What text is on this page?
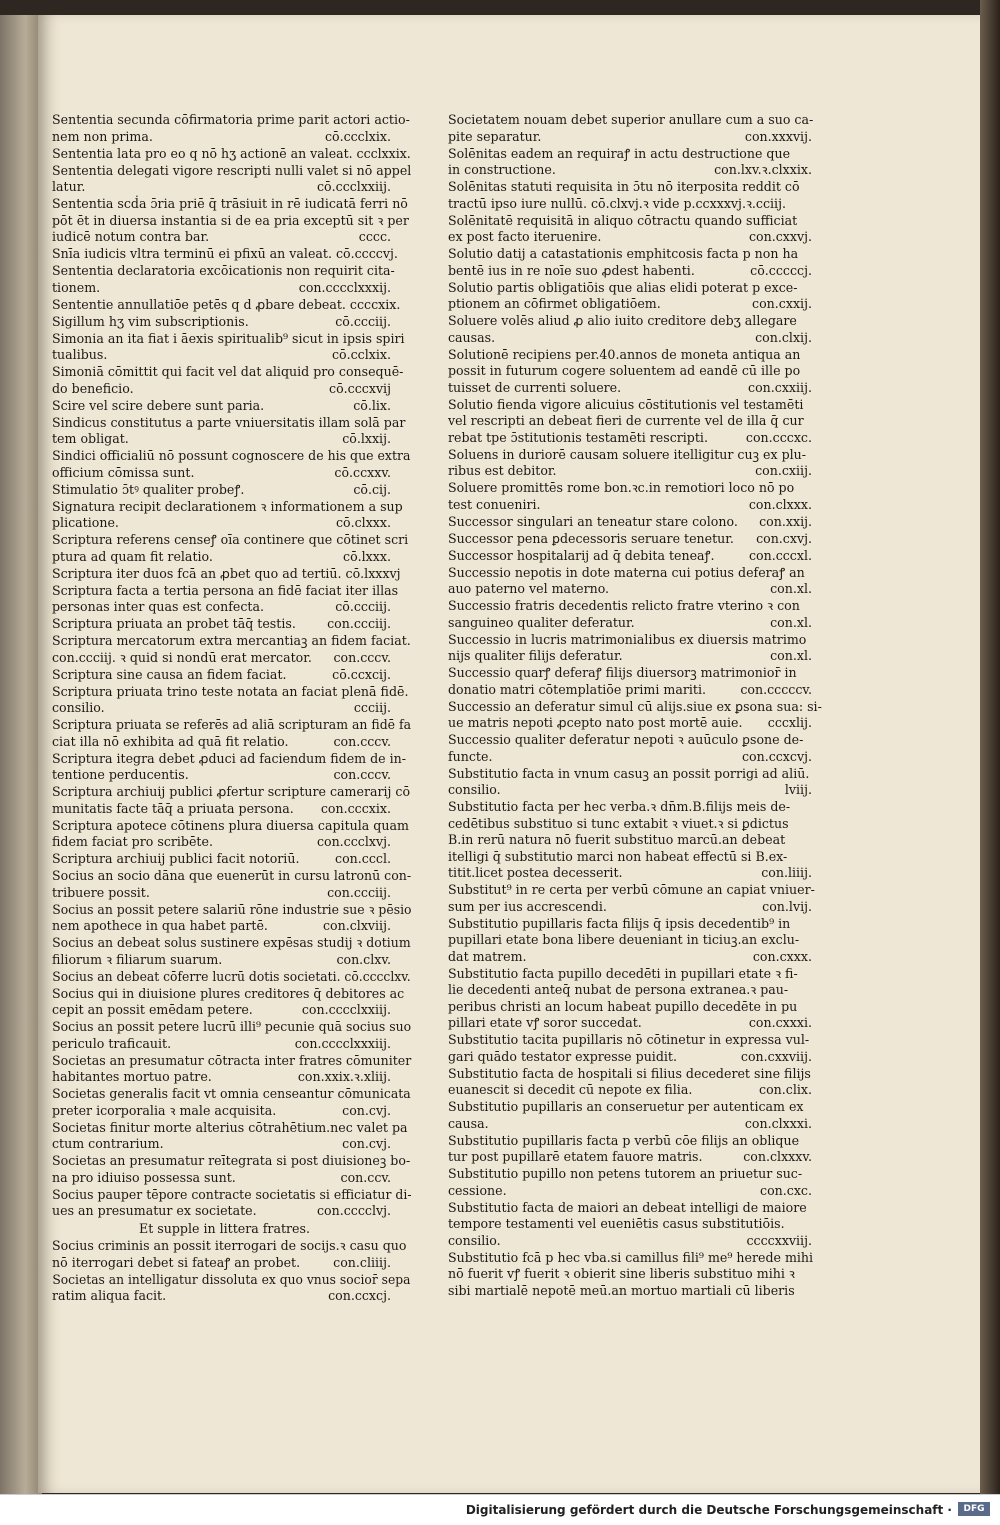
Sententia secunda cōfirmatoria prime parit actori actio-
nem non prima.	cō.ccclxix.
Sententia lata pro eo q nō hʒ actionē an valeat. ccclxxix.
Sententia delegati vigore rescripti nulli valet si nō appel
latur.	cō.ccclxxiij.
Sententia scḋa ɔ̄ria priē q̄ trāsiuit in rē iudicatā ferri nō
pōt ēt in diuersa instantia si de ea pria exceptū sit ꝛ per
iudicē notum contra bar.	cccc.
Snīa iudicis vltra terminū ei pfixū an valeat. cō.ccccvj.
Sententia declaratoria excōicationis non requirit cita-
tionem.	con.cccclxxxij.
Sententie annullatiōe petēs q d ꝓbare debeat. ccccxix.
Sigillum hʒ vim subscriptionis.	cō.ccciij.
Simonia an ita fiat i āexis spiritualib⁹ sicut in ipsis spiri
tualibus.	cō.cclxix.
Simoniā cōmittit qui facit vel dat aliquid pro consequē-
do beneficio.	cō.cccxvij
Scire vel scire debere sunt paria.	cō.lix.
Sindicus constitutus a parte vniuersitatis illam solā par
tem obligat.	cō.lxxij.
Sindici officialiū nō possunt cognoscere de his que extra
officium cōmissa sunt.	cō.ccxxv.
Stimulatio ɔ̄tꝰ qualiter probeꝭ.	cō.cij.
Signatura recipit declarationem ꝛ informationem a sup
plicatione.	cō.clxxx.
Scriptura referens censeꝭ oīa continere que cōtinet scri
ptura ad quam fit relatio.	cō.lxxx.
Scriptura iter duos fcā an ꝓbet quo ad tertiū. cō.lxxxvj
Scriptura facta a tertia persona an fidē faciat iter illas
personas inter quas est confecta.	cō.ccciij.
Scriptura priuata an probet tāq̄ testis. con.ccciij.
Scriptura mercatorum extra mercantiaꝫ an fidem faciat.
con.ccciij. ꝛ quid si nondū erat mercator. con.cccv.
Scriptura sine causa an fidem faciat.	cō.ccxcij.
Scriptura priuata trino teste notata an faciat plenā fidē.
consilio.	ccciij.
Scriptura priuata se referēs ad aliā scripturam an fidē fa
ciat illa nō exhibita ad quā fit relatio.	con.cccv.
Scriptura itegra debet ꝓduci ad faciendum fidem de in-
tentione perducentis.	con.cccv.
Scriptura archiuij publici ꝓfertur scripture camerarij cō
munitatis facte tāq̄ a priuata persona. con.cccxix.
Scriptura apotece cōtinens plura diuersa capitula quam
fidem faciat pro scribēte.	con.ccclxvj.
Scriptura archiuij publici facit notoriū.	con.cccl.
Socius an socio dāna que euenerūt in cursu latronū con-
tribuere possit.	con.ccciij.
Socius an possit petere salariū rōne industrie sue ꝛ pēsio
nem apothece in qua habet partē.	con.clxviij.
Socius an debeat solus sustinere expēsas studij ꝛ dotium
filiorum ꝛ filiarum suarum.	con.clxv.
Socius an debeat cōferre lucrū dotis societati. cō.cccclxv.
Socius qui in diuisione plures creditores q̄ debitores ac
cepit an possit emēdam petere.	con.cccclxxiij.
Socius an possit petere lucrū illi⁹ pecunie quā socius suo
periculo traficauit.	con.cccclxxxiij.
Societas an presumatur cōtracta inter fratres cōmuniter
habitantes mortuo patre.	con.xxix.ꝛ.xliij.
Societas generalis facit vt omnia censeantur cōmunicata
preter icorporalia ꝛ male acquisita.	con.cvj.
Societas finitur morte alterius cōtrahētium.nec valet pa
ctum contrarium.	con.cvj.
Societas an presumatur reītegrata si post diuisioneꝫ bo-
na pro idiuiso possessa sunt.	con.ccv.
Socius pauper tēpore contracte societatis si efficiatur di-
ues an presumatur ex societate.	con.cccclvj.
Et supple in littera fratres.
Socius criminis an possit iterrogari de socijs.ꝛ casu quo
nō iterrogari debet si fateaꝭ an probet.	con.cliiij.
Societas an intelligatur dissoluta ex quo vnus socior̄ sepa
ratim aliqua facit.	con.ccxcj.
Societatem nouam debet superior anullare cum a suo ca-
pite separatur.	con.xxxvij.
Solēnitas eadem an requiraꝭ in actu destructione que
in constructione.	con.lxv.ꝛ.clxxix.
Solēnitas statuti requisita in ɔ̄tu nō iterposita reddit cō
tractū ipso iure nullū. cō.clxvj.ꝛ vide p.ccxxxvj.ꝛ.cciij.
Solēnitatē requisitā in aliquo cōtractu quando sufficiat
ex post facto iteruenire.	con.cxxvj.
Solutio datij a catastationis emphitcosis facta p non ha
bentē ius in re noīe suo ꝓdest habenti.	cō.cccccj.
Solutio partis obligatiōis que alias elidi poterat p exce-
ptionem an cōfirmet obligatiōem.	con.cxxij.
Soluere volēs aliud ꝓ alio iuito creditore debʒ allegare
causas.	con.clxij.
Solutionē recipiens per.40.annos de moneta antiqua an
possit in futurum cogere soluentem ad eandē cū ille po
tuisset de currenti soluere.	con.cxxiij.
Solutio fienda vigore alicuius cōstitutionis vel testamēti
vel rescripti an debeat fieri de currente vel de illa q̄ cur
rebat tpe ɔ̄stitutionis testamēti rescripti.	con.cccxc.
Soluens in duriorē causam soluere itelligitur cuꝫ ex plu-
ribus est debitor.	con.cxiij.
Soluere promittēs rome bon.ꝛc.in remotiori loco nō po
test conueniri.	con.clxxx.
Successor singulari an teneatur stare colono. con.xxij.
Successor pena ꝑdecessoris seruare tenetur. con.cxvj.
Successor hospitalarij ad q̄ debita teneaꝭ.	con.cccxl.
Successio nepotis in dote materna cui potius deferaꝭ an
auo paterno vel materno.	con.xl.
Successio fratris decedentis relicto fratre vterino ꝛ con
sanguineo qualiter deferatur.	con.xl.
Successio in lucris matrimonialibus ex diuersis matrimo
nijs qualiter filijs deferatur.	con.xl.
Successio quarꝭ deferaꝭ filijs diuersorꝫ matrimonior̄ in
donatio matri cōtemplatiōe primi mariti.	con.cccccv.
Successio an deferatur simul cū alijs.siue ex ꝑsona sua: si-
ue matris nepoti ꝓcepto nato post mortē auie. cccxlij.
Successio qualiter deferatur nepoti ꝛ auūculo ꝑsone de-
functe.	con.ccxcvj.
Substitutio facta in vnum casuꝫ an possit porrigi ad aliū.
consilio.	lviij.
Substitutio facta per hec verba.ꝛ dn̄m.B.filijs meis de-
cedētibus substituo si tunc extabit ꝛ viuet.ꝛ si ꝑdictus
B.in rerū natura nō fuerit substituo marcū.an debeat
itelligi q̄ substitutio marci non habeat effectū si B.ex-
titit.licet postea decesserit.	con.liiij.
Substitut⁹ in re certa per verbū cōmune an capiat vniuer-
sum per ius accrescendi.	con.lvij.
Substitutio pupillaris facta filijs q̄ ipsis decedentib⁹ in
pupillari etate bona libere deueniant in ticiuꝫ.an exclu-
dat matrem.	con.cxxx.
Substitutio facta pupillo decedēti in pupillari etate ꝛ fi-
lie decedenti anteq̄ nubat de persona extranea.ꝛ pau-
peribus christi an locum habeat pupillo decedēte in pu
pillari etate vꝭ soror succedat.	con.cxxxi.
Substitutio tacita pupillaris nō cōtinetur in expressa vul-
gari quādo testator expresse puidit.	con.cxxviij.
Substitutio facta de hospitali si filius decederet sine filijs
euanescit si decedit cū nepote ex filia.	con.clix.
Substitutio pupillaris an conseruetur per autenticam ex
causa.	con.clxxxi.
Substitutio pupillaris facta p verbū cōe filijs an oblique
tur post pupillarē etatem fauore matris.	con.clxxxv.
Substitutio pupillo non petens tutorem an priuetur suc-
cessione.	con.cxc.
Substitutio facta de maiori an debeat intelligi de maiore
tempore testamenti vel eueniētis casus substitutiōis.
consilio.	ccccxxviij.
Substitutio fcā p hec vba.si camillus fili⁹ me⁹ herede mihi
nō fuerit vꝭ fuerit ꝛ obierit sine liberis substituo mihi ꝛ
sibi martialē nepotē meū.an mortuo martiali cū liberis
Digitalisierung gefördert durch die Deutsche Forschungsgemeinschaft ·	DFG
